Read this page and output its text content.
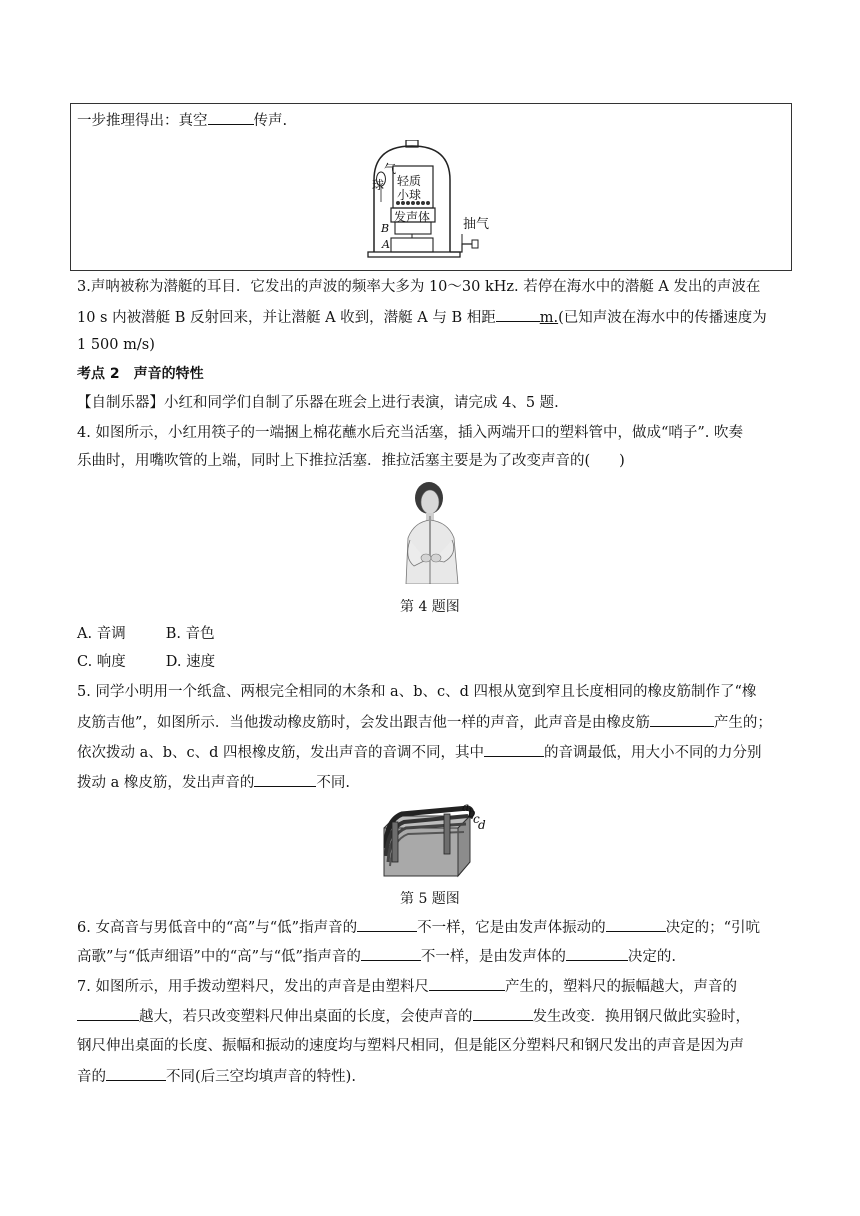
一步推理得出：真空	传声.
气
球 轻质
小球
发声体
B
A
抽气
3.声呐被称为潜艇的耳目．它发出的声波的频率大多为 10～30 kHz. 若停在海水中的潜艇 A 发出的声波在
10 s 内被潜艇 B 反射回来，并让潜艇 A 收到，潜艇 A 与 B 相距	m.(已知声波在海水中的传播速度为
1 500 m/s)
考点 2　声音的特性
【自制乐器】小红和同学们自制了乐器在班会上进行表演，请完成 4、5 题.
4. 如图所示，小红用筷子的一端捆上棉花蘸水后充当活塞，插入两端开口的塑料管中，做成“哨子”. 吹奏
乐曲时，用嘴吹管的上端，同时上下推拉活塞．推拉活塞主要是为了改变声音的(　　)
第 4 题图
A. 音调	B. 音色
C. 响度	D. 速度
5. 同学小明用一个纸盒、两根完全相同的木条和 a、b、c、d 四根从宽到窄且长度相同的橡皮筋制作了“橡
皮筋吉他”，如图所示．当他拨动橡皮筋时，会发出跟吉他一样的声音，此声音是由橡皮筋	产生的；
依次拨动 a、b、c、d 四根橡皮筋，发出声音的音调不同，其中	的音调最低，用大小不同的力分别
拨动 a 橡皮筋，发出声音的	不同.
a
b
c
d
第 5 题图
6. 女高音与男低音中的“高”与“低”指声音的	不一样，它是由发声体振动的	决定的；“引吭
高歌”与“低声细语”中的“高”与“低”指声音的	不一样，是由发声体的	决定的.
7. 如图所示，用手拨动塑料尺，发出的声音是由塑料尺	产生的，塑料尺的振幅越大，声音的
越大，若只改变塑料尺伸出桌面的长度，会使声音的	发生改变．换用钢尺做此实验时，
钢尺伸出桌面的长度、振幅和振动的速度均与塑料尺相同，但是能区分塑料尺和钢尺发出的声音是因为声
音的	不同(后三空均填声音的特性).
